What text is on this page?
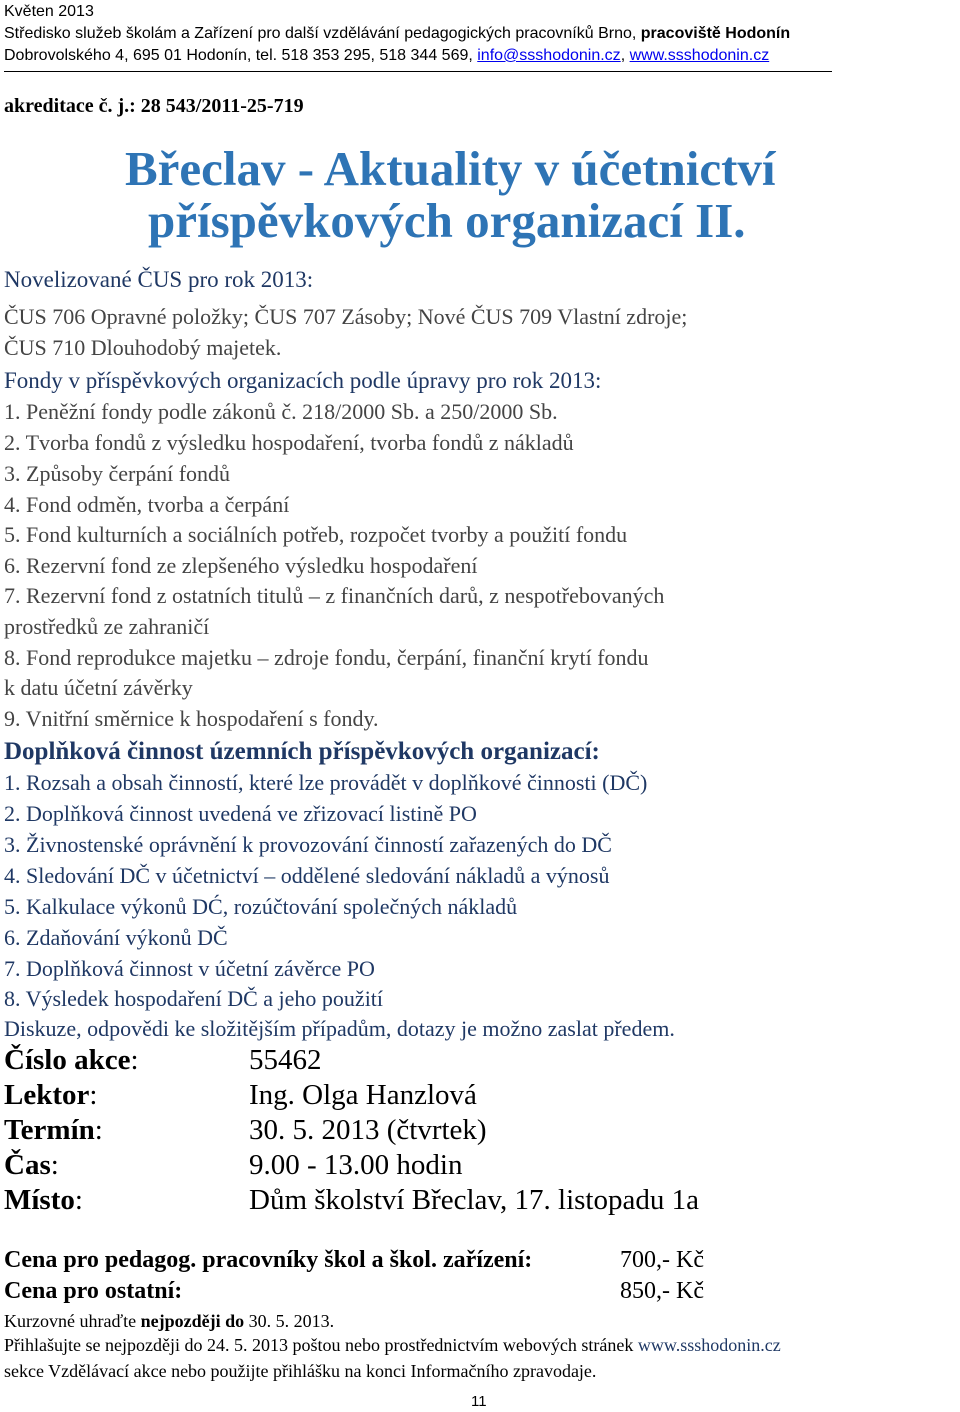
Květen 2013
Středisko služeb školám a Zařízení pro další vzdělávání pedagogických pracovníků Brno, pracoviště Hodonín
Dobrovolského 4, 695 01 Hodonín, tel. 518 353 295, 518 344 569, info@ssshodonin.cz, www.ssshodonin.cz
akreditace č. j.: 28 543/2011-25-719
Břeclav - Aktuality v účetnictví
příspěvkových organizací II.
Novelizované ČUS pro rok 2013:
ČUS 706 Opravné položky; ČUS 707 Zásoby; Nové ČUS 709 Vlastní zdroje;
ČUS 710 Dlouhodobý majetek.
Fondy v příspěvkových organizacích podle úpravy pro rok 2013:
1. Peněžní fondy podle zákonů č. 218/2000 Sb. a 250/2000 Sb.
2. Tvorba fondů z výsledku hospodaření, tvorba fondů z nákladů
3. Způsoby čerpání fondů
4. Fond odměn, tvorba a čerpání
5. Fond kulturních a sociálních potřeb, rozpočet tvorby a použití fondu
6. Rezervní fond ze zlepšeného výsledku hospodaření
7. Rezervní fond z ostatních titulů – z finančních darů, z nespotřebovaných
prostředků ze zahraničí
8. Fond reprodukce majetku – zdroje fondu, čerpání, finanční krytí fondu
k datu účetní závěrky
9. Vnitřní směrnice k hospodaření s fondy.
Doplňková činnost územních příspěvkových organizací:
1. Rozsah a obsah činností, které lze provádět v doplňkové činnosti (DČ)
2. Doplňková činnost uvedená ve zřizovací listině PO
3. Živnostenské oprávnění k provozování činností zařazených do DČ
4. Sledování DČ v účetnictví – oddělené sledování nákladů a výnosů
5. Kalkulace výkonů DĆ, rozúčtování společných nákladů
6. Zdaňování výkonů DČ
7. Doplňková činnost v účetní závěrce PO
8. Výsledek hospodaření DČ a jeho použití
Diskuze, odpovědi ke složitějším případům, dotazy je možno zaslat předem.
Číslo akce:	55462
Lektor:	Ing. Olga Hanzlová
Termín:	30. 5. 2013 (čtvrtek)
Čas:	9.00 - 13.00 hodin
Místo:	Dům školství Břeclav, 17. listopadu 1a
Cena pro pedagog. pracovníky škol a škol. zařízení:	700,- Kč
Cena pro ostatní:	850,- Kč
Kurzovné uhraďte nejpozději do 30. 5. 2013.
Přihlašujte se nejpozději do 24. 5. 2013 poštou nebo prostřednictvím webových stránek www.ssshodonin.cz
sekce Vzdělávací akce nebo použijte přihlášku na konci Informačního zpravodaje.
11
